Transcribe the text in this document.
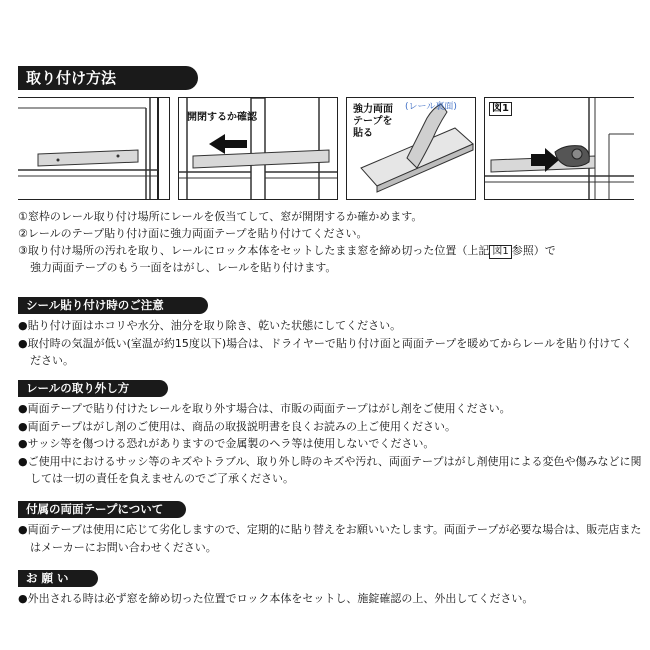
取り付け方法
開閉するか確認
強力両面
テープを
貼る
(レール裏面)	図1
①窓枠のレール取り付け場所にレールを仮当てして、窓が開閉するか確かめます。
②レールのテープ貼り付け面に強力両面テープを貼り付けてください。
③取り付け場所の汚れを取り、レールにロック本体をセットしたまま窓を締め切った位置（上記 図1 参照）で
強力両面テープのもう一面をはがし、レールを貼り付けます。
シール貼り付け時のご注意
●貼り付け面はホコリや水分、油分を取り除き、乾いた状態にしてください。
●取付時の気温が低い(室温が約15度以下)場合は、ドライヤーで貼り付け面と両面テープを暖めてからレールを貼り付けてください。
レールの取り外し方
●両面テープで貼り付けたレールを取り外す場合は、市販の両面テープはがし剤をご使用ください。
●両面テープはがし剤のご使用は、商品の取扱説明書を良くお読みの上ご使用ください。
●サッシ等を傷つける恐れがありますので金属製のヘラ等は使用しないでください。
●ご使用中におけるサッシ等のキズやトラブル、取り外し時のキズや汚れ、両面テープはがし剤使用による変色や傷みなどに関しては一切の責任を負えませんのでご了承ください。
付属の両面テープについて
●両面テープは使用に応じて劣化しますので、定期的に貼り替えをお願いいたします。両面テープが必要な場合は、販売店またはメーカーにお問い合わせください。
お 願 い
●外出される時は必ず窓を締め切った位置でロック本体をセットし、施錠確認の上、外出してください。
